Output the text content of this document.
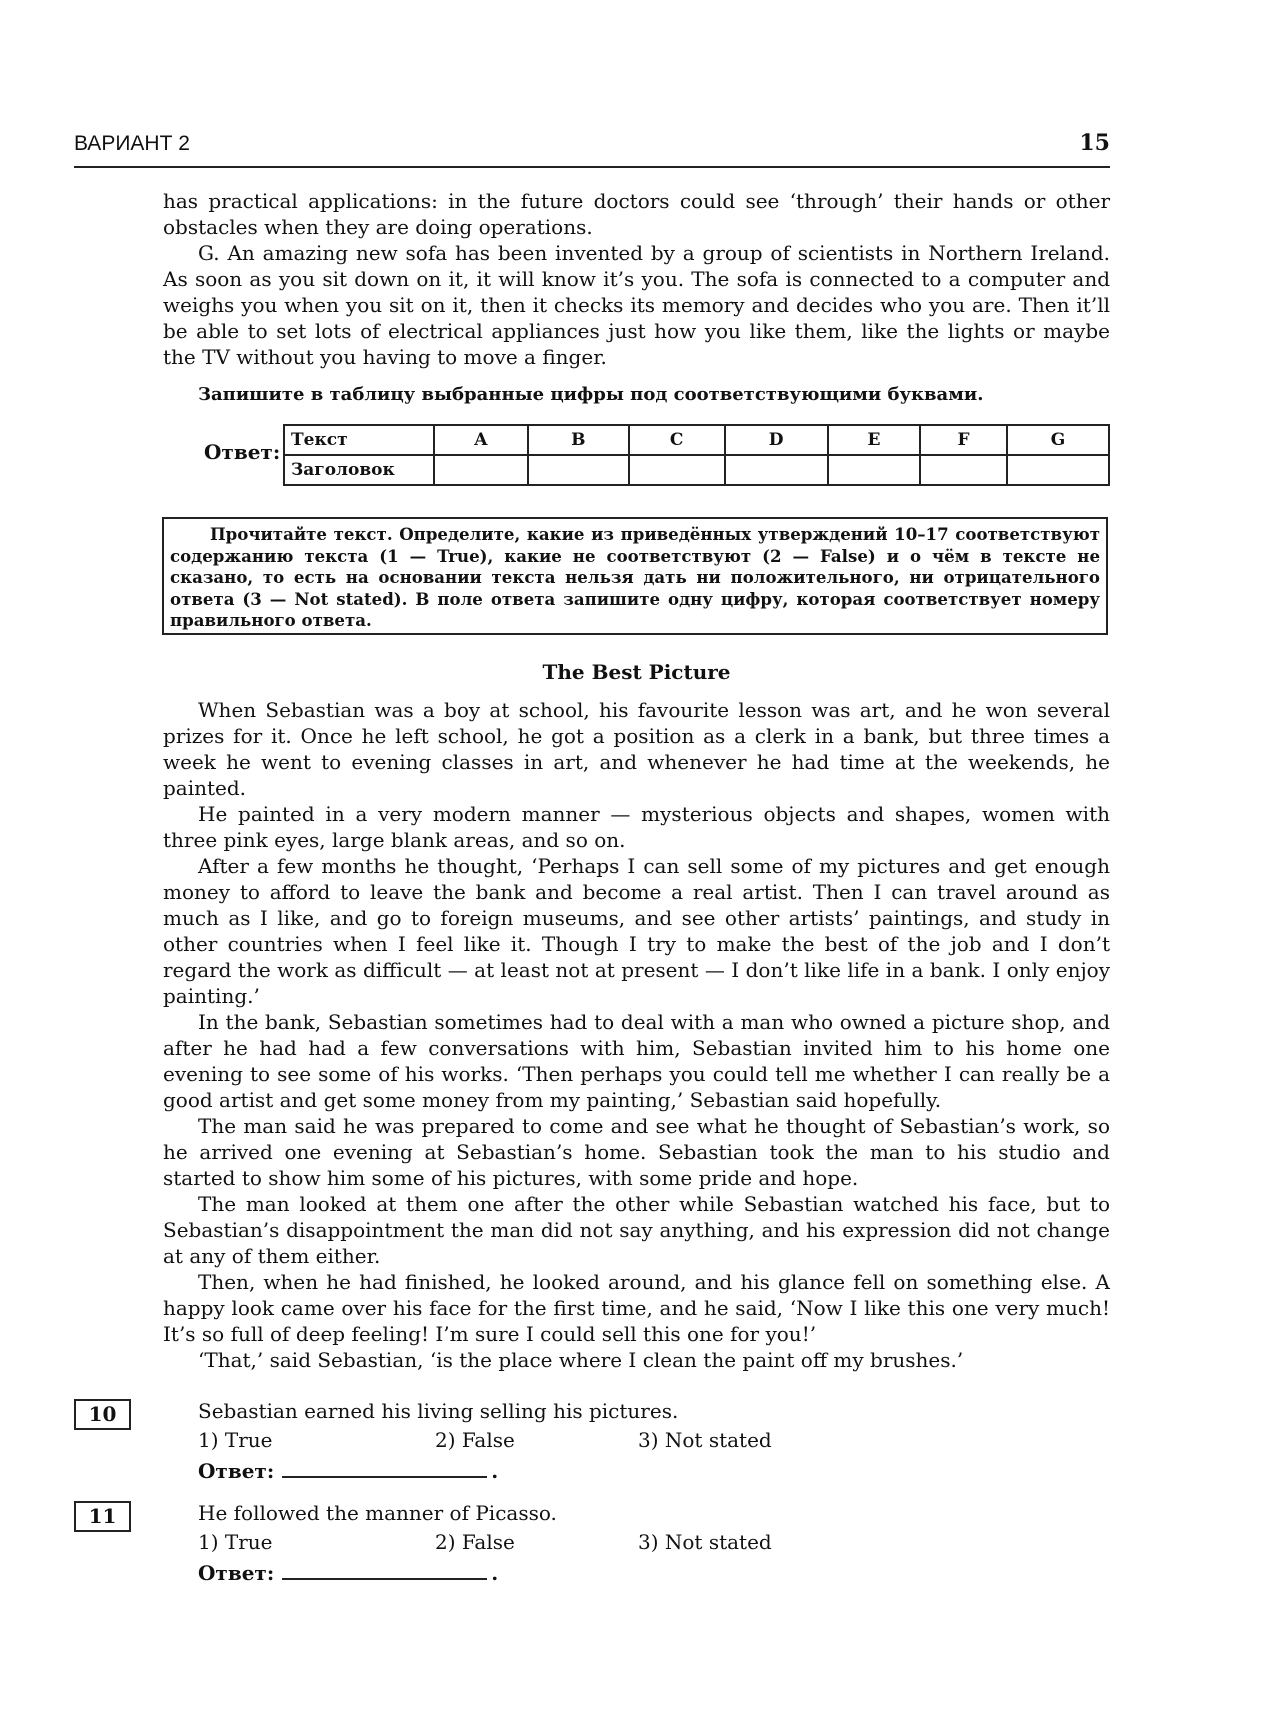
ВАРИАНТ 2	15

has practical applications: in the future doctors could see ‘through’ their hands or other obstacles when they are doing operations.

G. An amazing new sofa has been invented by a group of scientists in Northern Ireland. As soon as you sit down on it, it will know it’s you. The sofa is connected to a computer and weighs you when you sit on it, then it checks its memory and decides who you are. Then it’ll be able to set lots of electrical appliances just how you like them, like the lights or maybe the TV without you having to move a finger.

Запишите в таблицу выбранные цифры под соответствующими буквами.
Ответ: Текст	A	B	C	D	E	F	G
Заголовок							
Прочитайте текст. Определите, какие из приведённых утверждений 10–17 соответствуют содержанию текста (1 — True), какие не соответствуют (2 — False) и о чём в тексте не сказано, то есть на основании текста нельзя дать ни положительного, ни отрицательного ответа (3 — Not stated). В поле ответа запишите одну цифру, которая соответствует номеру правильного ответа.
The Best Picture

When Sebastian was a boy at school, his favourite lesson was art, and he won several prizes for it. Once he left school, he got a position as a clerk in a bank, but three times a week he went to evening classes in art, and whenever he had time at the weekends, he painted.

He painted in a very modern manner — mysterious objects and shapes, women with three pink eyes, large blank areas, and so on.

After a few months he thought, ‘Perhaps I can sell some of my pictures and get enough money to afford to leave the bank and become a real artist. Then I can travel around as much as I like, and go to foreign museums, and see other artists’ paintings, and study in other countries when I feel like it. Though I try to make the best of the job and I don’t regard the work as difficult — at least not at present — I don’t like life in a bank. I only enjoy painting.’

In the bank, Sebastian sometimes had to deal with a man who owned a picture shop, and after he had had a few conversations with him, Sebastian invited him to his home one evening to see some of his works. ‘Then perhaps you could tell me whether I can really be a good artist and get some money from my painting,’ Sebastian said hopefully.

The man said he was prepared to come and see what he thought of Sebastian’s work, so he arrived one evening at Sebastian’s home. Sebastian took the man to his studio and started to show him some of his pictures, with some pride and hope.

The man looked at them one after the other while Sebastian watched his face, but to Sebastian’s disappointment the man did not say anything, and his expression did not change at any of them either.

Then, when he had finished, he looked around, and his glance fell on something else. A happy look came over his face for the first time, and he said, ‘Now I like this one very much! It’s so full of deep feeling! I’m sure I could sell this one for you!’

‘That,’ said Sebastian, ‘is the place where I clean the paint off my brushes.’

10	Sebastian earned his living selling his pictures.
1) True	2) False	3) Not stated
Ответ:	.
11	He followed the manner of Picasso.
1) True	2) False	3) Not stated
Ответ:	.
